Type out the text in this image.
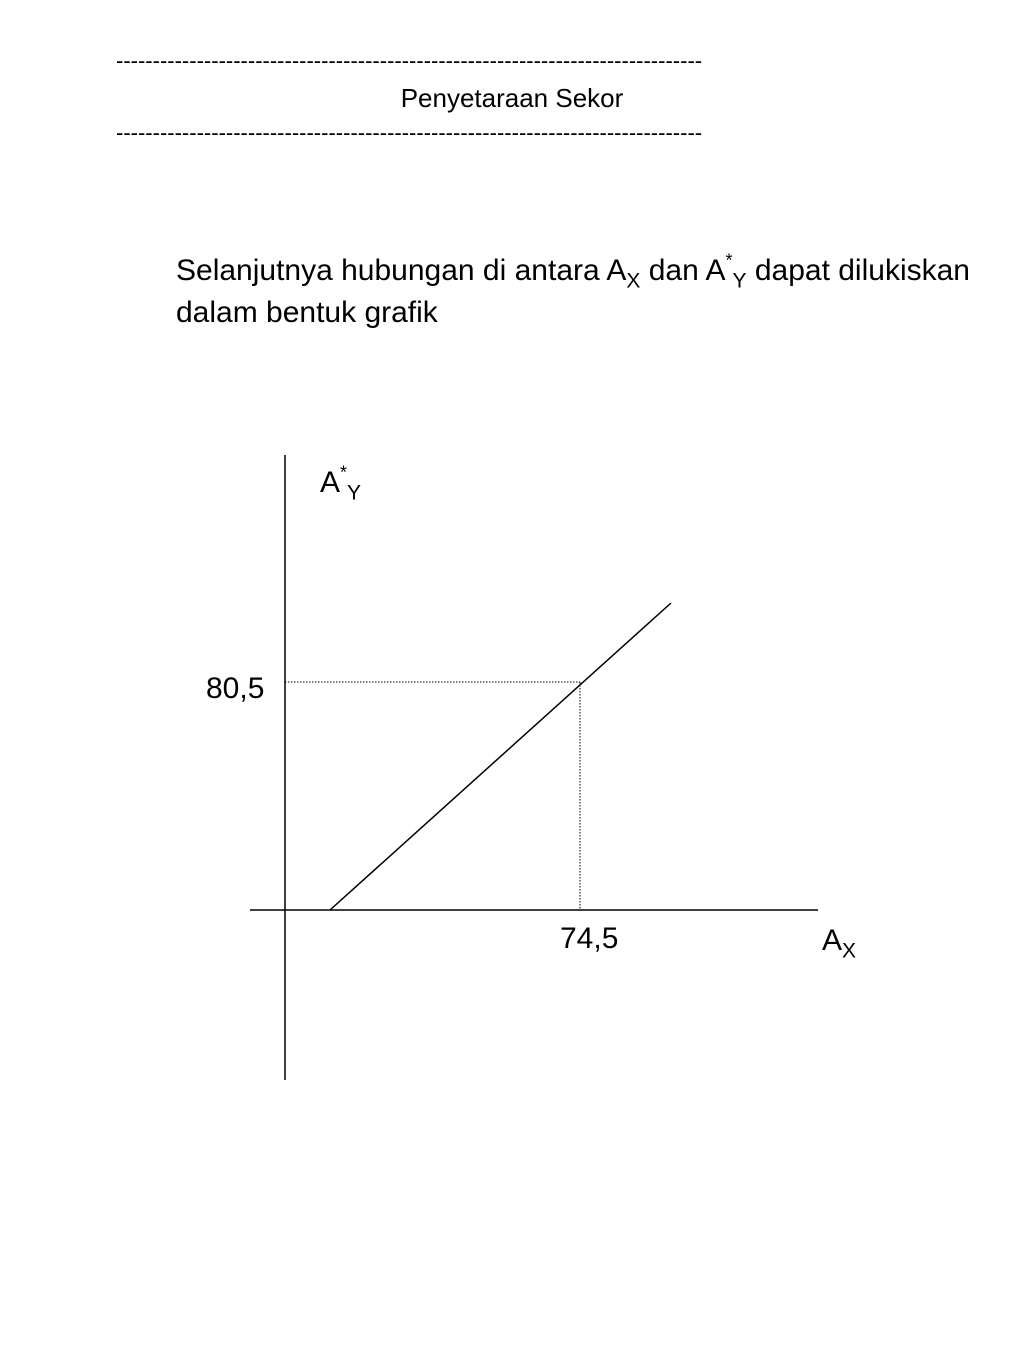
--------------------------------------------------------------------------------
Penyetaraan Sekor
--------------------------------------------------------------------------------
Selanjutnya hubungan di antara $A_X$ dan $A^*_Y$ dapat dilukiskan dalam bentuk grafik
$A^*_Y$
$A_X$
80,5
74,5
